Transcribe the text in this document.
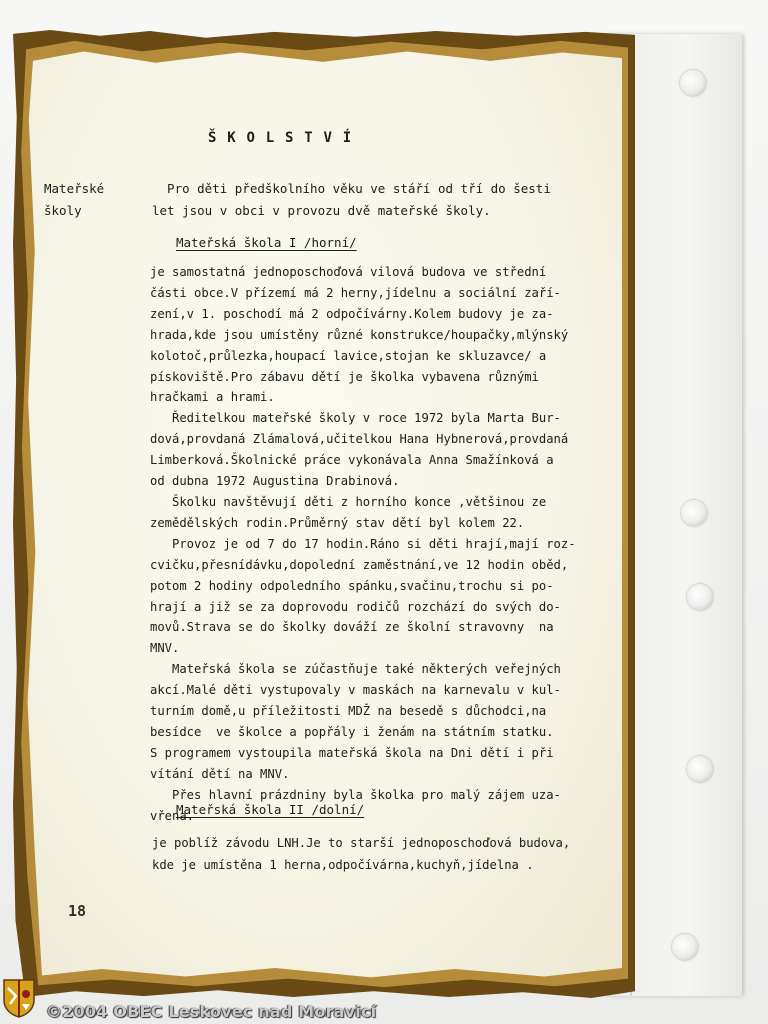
Š K O L S T V Í
Mateřské
školy
Pro děti předškolního věku ve stáří od tří do šesti
let jsou v obci v provozu dvě mateřské školy.
Mateřská škola I /horní/
je samostatná jednoposchoďová vilová budova ve střední
části obce.V přízemí má 2 herny,jídelnu a sociální zaří-
zení,v 1. poschodí má 2 odpočívárny.Kolem budovy je za-
hrada,kde jsou umístěny různé konstrukce/houpačky,mlýnský
kolotoč,průlezka,houpací lavice,stojan ke skluzavce/ a
pískoviště.Pro zábavu dětí je školka vybavena různými
hračkami a hrami.
Ředitelkou mateřské školy v roce 1972 byla Marta Bur-
dová,provdaná Zlámalová,učitelkou Hana Hybnerová,provdaná
Limberková.Školnické práce vykonávala Anna Smažínková a
od dubna 1972 Augustina Drabinová.
Školku navštěvují děti z horního konce ,většinou ze
zemědělských rodin.Průměrný stav dětí byl kolem 22.
Provoz je od 7 do 17 hodin.Ráno si děti hrají,mají roz-
cvičku,přesnídávku,dopolední zaměstnání,ve 12 hodin oběd,
potom 2 hodiny odpoledního spánku,svačinu,trochu si po-
hrají a již se za doprovodu rodičů rozchází do svých do-
movů.Strava se do školky dováží ze školní stravovny  na
MNV.
Mateřská škola se zúčastňuje také některých veřejných
akcí.Malé děti vystupovaly v maskách na karnevalu v kul-
turním domě,u příležitosti MDŽ na besedě s důchodci,na
besídce  ve školce a popřály i ženám na státním statku.
S programem vystoupila mateřská škola na Dni dětí i při
vítání dětí na MNV.
Přes hlavní prázdniny byla školka pro malý zájem uza-
vřena.
Mateřská škola II /dolní/
je poblíž závodu LNH.Je to starší jednoposchoďová budova,
kde je umístěna 1 herna,odpočívárna,kuchyň,jídelna .
18
©2004 OBEC Leskovec nad Moravicí
